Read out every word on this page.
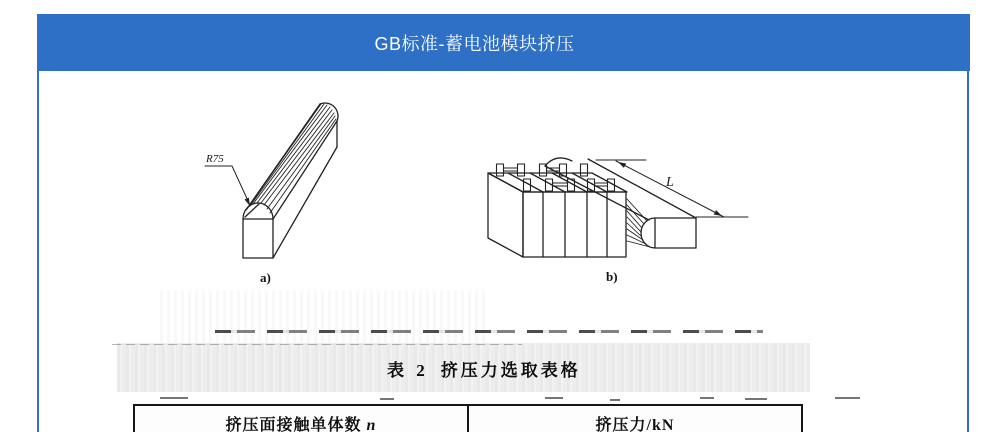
GB标准-蓄电池模块挤压
R75
L
a)	b)
表 2 挤压力选取表格
挤压面接触单体数 n	挤压力/kN
